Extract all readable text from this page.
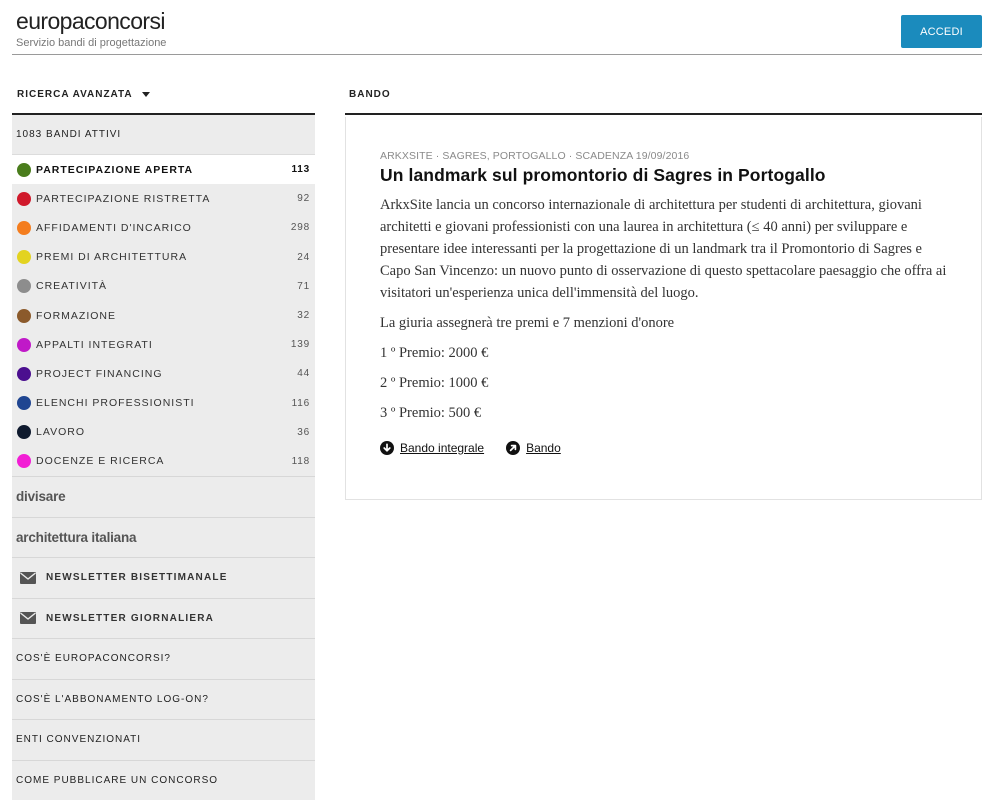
europaconcorsi
Servizio bandi di progettazione
ACCEDI
RICERCA AVANZATA
1083 BANDI ATTIVI
PARTECIPAZIONE APERTA	113
PARTECIPAZIONE RISTRETTA	92
AFFIDAMENTI D'INCARICO	298
PREMI DI ARCHITETTURA	24
CREATIVITÀ	71
FORMAZIONE	32
APPALTI INTEGRATI	139
PROJECT FINANCING	44
ELENCHI PROFESSIONISTI	116
LAVORO	36
DOCENZE E RICERCA	118
divisare
architettura italiana
NEWSLETTER BISETTIMANALE
NEWSLETTER GIORNALIERA
COS'È EUROPACONCORSI?
COS'È L'ABBONAMENTO LOG-ON?
ENTI CONVENZIONATI
COME PUBBLICARE UN CONCORSO
BANDO
ARKXSITE · SAGRES, PORTOGALLO · SCADENZA 19/09/2016
Un landmark sul promontorio di Sagres in Portogallo
ArkxSite lancia un concorso internazionale di architettura per studenti di architettura, giovani architetti e giovani professionisti con una laurea in architettura (≤ 40 anni) per sviluppare e presentare idee interessanti per la progettazione di un landmark tra il Promontorio di Sagres e Capo San Vincenzo: un nuovo punto di osservazione di questo spettacolare paesaggio che offra ai visitatori un'esperienza unica dell'immensità del luogo.
La giuria assegnerà tre premi e 7 menzioni d'onore
1 º Premio: 2000 €
2 º Premio: 1000 €
3 º Premio: 500 €
Bando integrale	Bando
